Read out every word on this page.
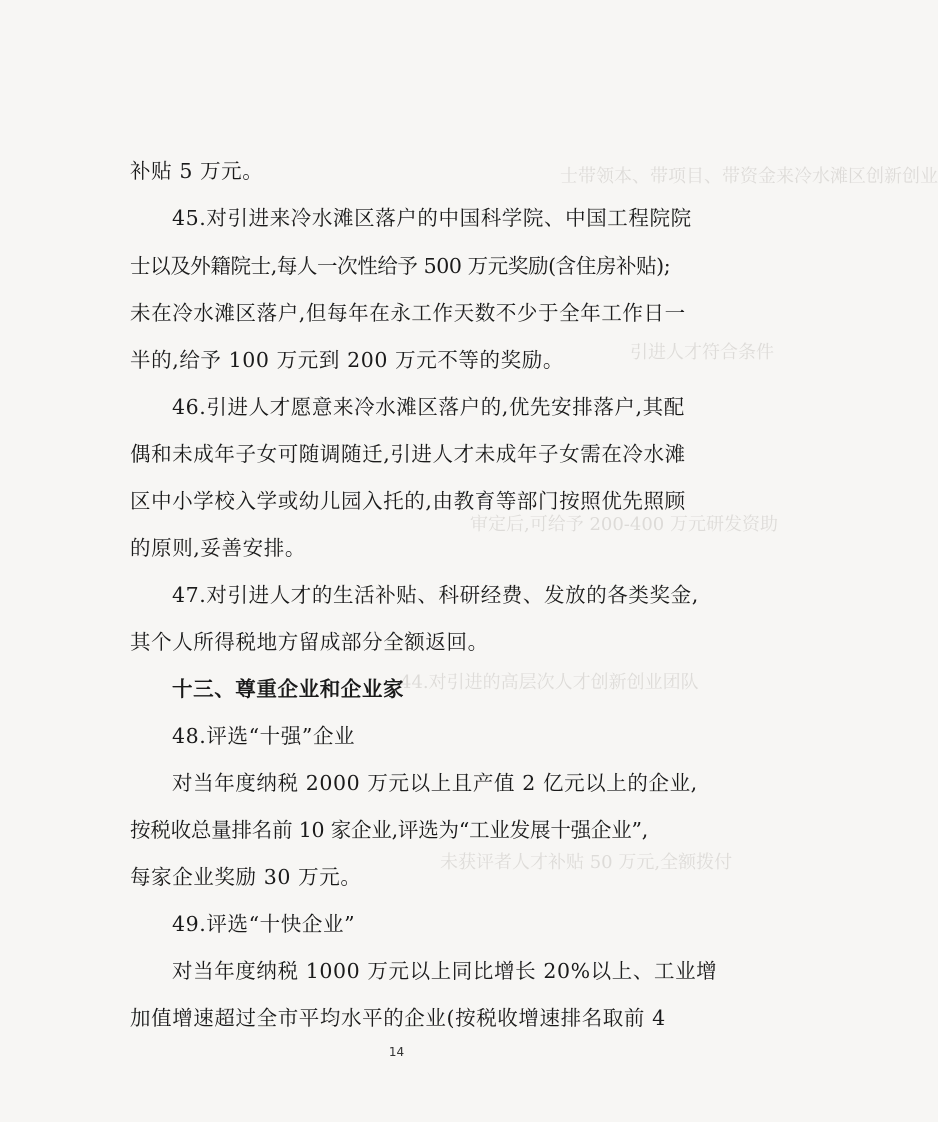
士带领本、带项目、带资金来冷水滩区创新创业
引进人才符合条件
审定后,可给予 200-400 万元研发资助
44.对引进的高层次人才创新创业团队
未获评者人才补贴 50 万元,全额拨付
补贴 5 万元。
45.对引进来冷水滩区落户的中国科学院、中国工程院院
士以及外籍院士,每人一次性给予 500 万元奖励(含住房补贴);
未在冷水滩区落户,但每年在永工作天数不少于全年工作日一
半的,给予 100 万元到 200 万元不等的奖励。
46.引进人才愿意来冷水滩区落户的,优先安排落户,其配
偶和未成年子女可随调随迁,引进人才未成年子女需在冷水滩
区中小学校入学或幼儿园入托的,由教育等部门按照优先照顾
的原则,妥善安排。
47.对引进人才的生活补贴、科研经费、发放的各类奖金,
其个人所得税地方留成部分全额返回。
十三、尊重企业和企业家
48.评选“十强”企业
对当年度纳税 2000 万元以上且产值 2 亿元以上的企业,
按税收总量排名前 10 家企业,评选为“工业发展十强企业”,
每家企业奖励 30 万元。
49.评选“十快企业”
对当年度纳税 1000 万元以上同比增长 20%以上、工业增
加值增速超过全市平均水平的企业(按税收增速排名取前 4
14
